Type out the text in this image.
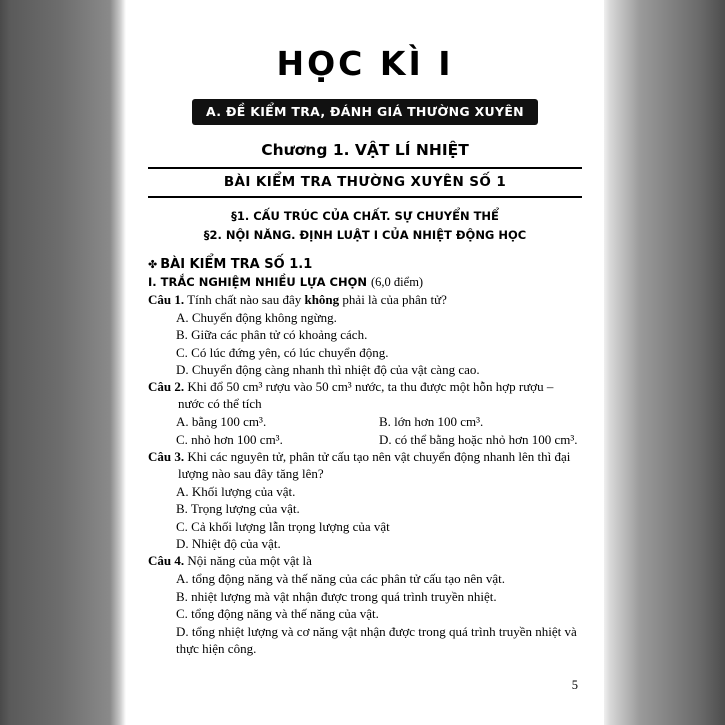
HỌC KÌ I
A. ĐỀ KIỂM TRA, ĐÁNH GIÁ THƯỜNG XUYÊN
Chương 1. VẬT LÍ NHIỆT
BÀI KIỂM TRA THƯỜNG XUYÊN SỐ 1
§1. CẤU TRÚC CỦA CHẤT. SỰ CHUYỂN THỂ
§2. NỘI NĂNG. ĐỊNH LUẬT I CỦA NHIỆT ĐỘNG HỌC
✤ BÀI KIỂM TRA SỐ 1.1
I. TRẮC NGHIỆM NHIỀU LỰA CHỌN (6,0 điểm)
Câu 1. Tính chất nào sau đây không phải là của phân tử?
A. Chuyển động không ngừng.
B. Giữa các phân tử có khoảng cách.
C. Có lúc đứng yên, có lúc chuyển động.
D. Chuyển động càng nhanh thì nhiệt độ của vật càng cao.
Câu 2. Khi đổ 50 cm³ rượu vào 50 cm³ nước, ta thu được một hỗn hợp rượu –
nước có thể tích
A. bằng 100 cm³.	B. lớn hơn 100 cm³.
C. nhỏ hơn 100 cm³.	D. có thể bằng hoặc nhỏ hơn 100 cm³.
Câu 3. Khi các nguyên tử, phân tử cấu tạo nên vật chuyển động nhanh lên thì đại
lượng nào sau đây tăng lên?
A. Khối lượng của vật.
B. Trọng lượng của vật.
C. Cả khối lượng lẫn trọng lượng của vật
D. Nhiệt độ của vật.
Câu 4. Nội năng của một vật là
A. tổng động năng và thế năng của các phân tử cấu tạo nên vật.
B. nhiệt lượng mà vật nhận được trong quá trình truyền nhiệt.
C. tổng động năng và thế năng của vật.
D. tổng nhiệt lượng và cơ năng vật nhận được trong quá trình truyền nhiệt và thực hiện công.
5
